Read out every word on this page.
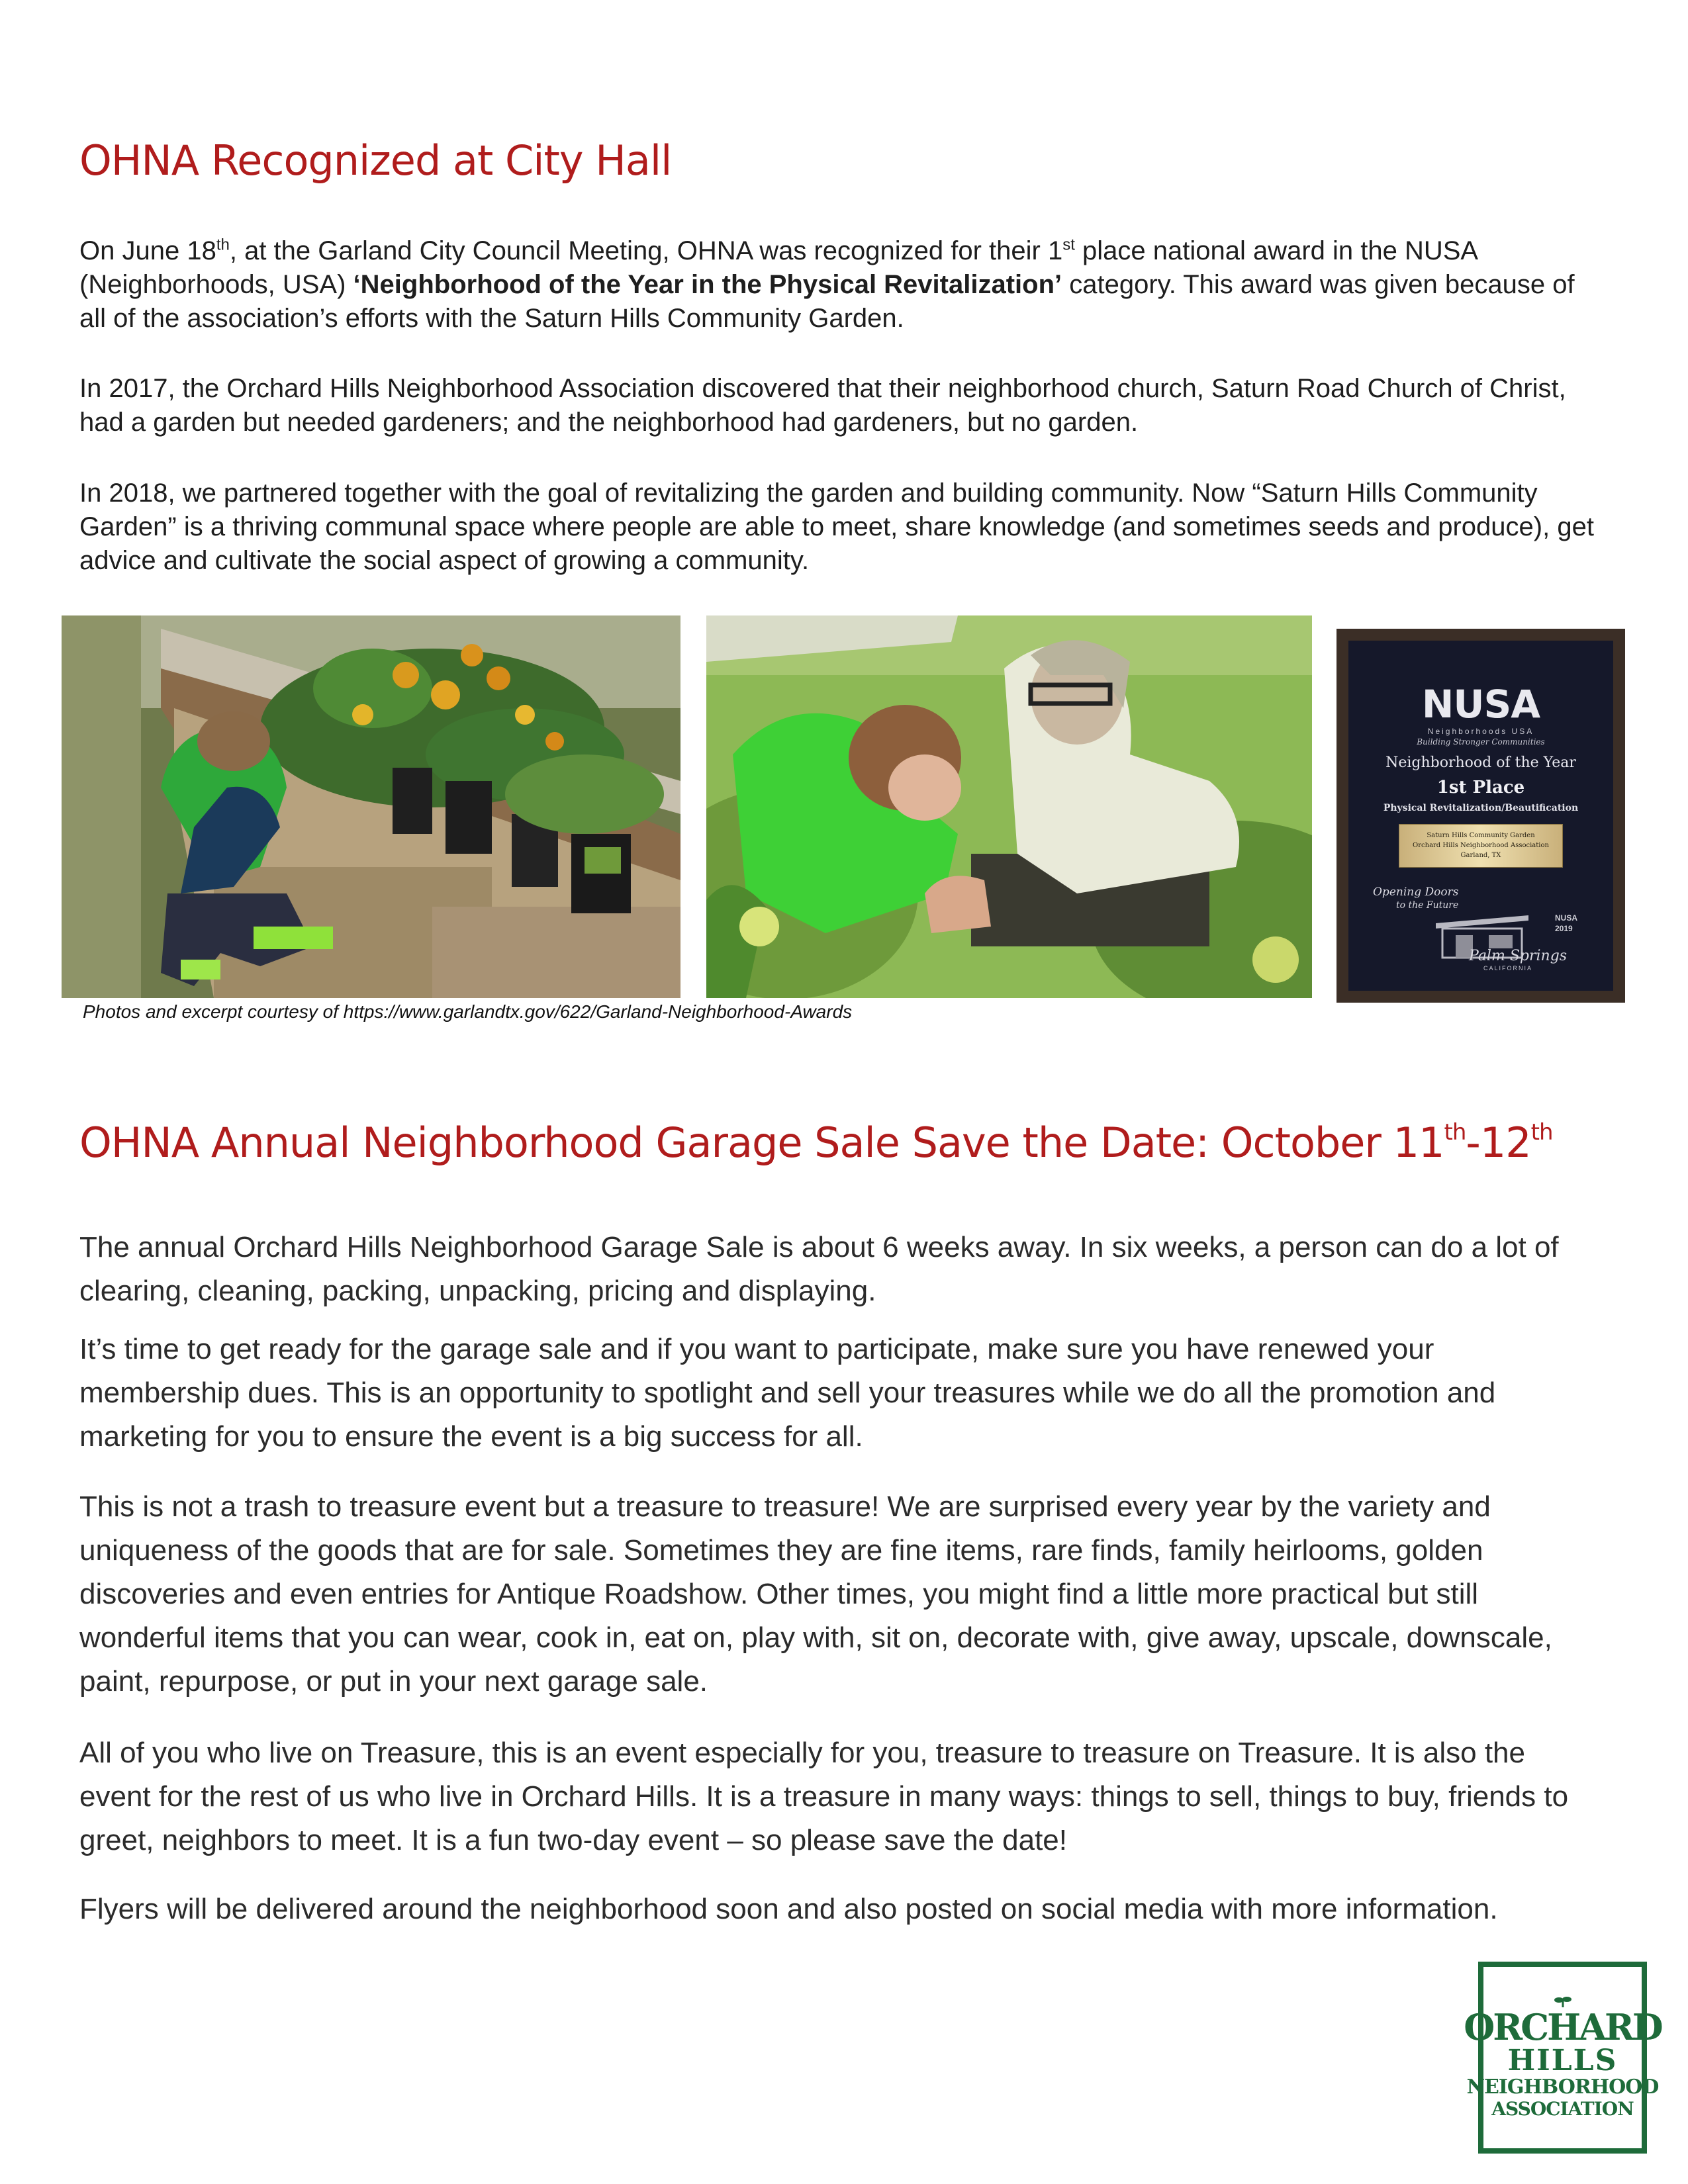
OHNA Recognized at City Hall

On June 18th, at the Garland City Council Meeting, OHNA was recognized for their 1st place national award in the NUSA (Neighborhoods, USA) ‘Neighborhood of the Year in the Physical Revitalization’ category. This award was given because of all of the association’s efforts with the Saturn Hills Community Garden.

In 2017, the Orchard Hills Neighborhood Association discovered that their neighborhood church, Saturn Road Church of Christ, had a garden but needed gardeners; and the neighborhood had gardeners, but no garden.

In 2018, we partnered together with the goal of revitalizing the garden and building community. Now “Saturn Hills Community Garden” is a thriving communal space where people are able to meet, share knowledge (and sometimes seeds and produce), get advice and cultivate the social aspect of growing a community.

NUSA
Neighborhoods USA
Building Stronger Communities
Neighborhood of the Year
1st Place
Physical Revitalization/Beautification
Saturn Hills Community Garden
Orchard Hills Neighborhood Association
Garland, TX
Opening Doors
to the Future
NUSA
2019
Palm Springs
CALIFORNIA

Photos and excerpt courtesy of https://www.garlandtx.gov/622/Garland-Neighborhood-Awards

OHNA Annual Neighborhood Garage Sale Save the Date: October 11th-12th

The annual Orchard Hills Neighborhood Garage Sale is about 6 weeks away. In six weeks, a person can do a lot of clearing, cleaning, packing, unpacking, pricing and displaying.

It’s time to get ready for the garage sale and if you want to participate, make sure you have renewed your membership dues. This is an opportunity to spotlight and sell your treasures while we do all the promotion and marketing for you to ensure the event is a big success for all.

This is not a trash to treasure event but a treasure to treasure! We are surprised every year by the variety and uniqueness of the goods that are for sale. Sometimes they are fine items, rare finds, family heirlooms, golden discoveries and even entries for Antique Roadshow. Other times, you might find a little more practical but still wonderful items that you can wear, cook in, eat on, play with, sit on, decorate with, give away, upscale, downscale, paint, repurpose, or put in your next garage sale.

All of you who live on Treasure, this is an event especially for you, treasure to treasure on Treasure. It is also the event for the rest of us who live in Orchard Hills. It is a treasure in many ways: things to sell, things to buy, friends to greet, neighbors to meet. It is a fun two-day event – so please save the date!

Flyers will be delivered around the neighborhood soon and also posted on social media with more information.

ORCHARD
HILLS
NEIGHBORHOOD
ASSOCIATION
